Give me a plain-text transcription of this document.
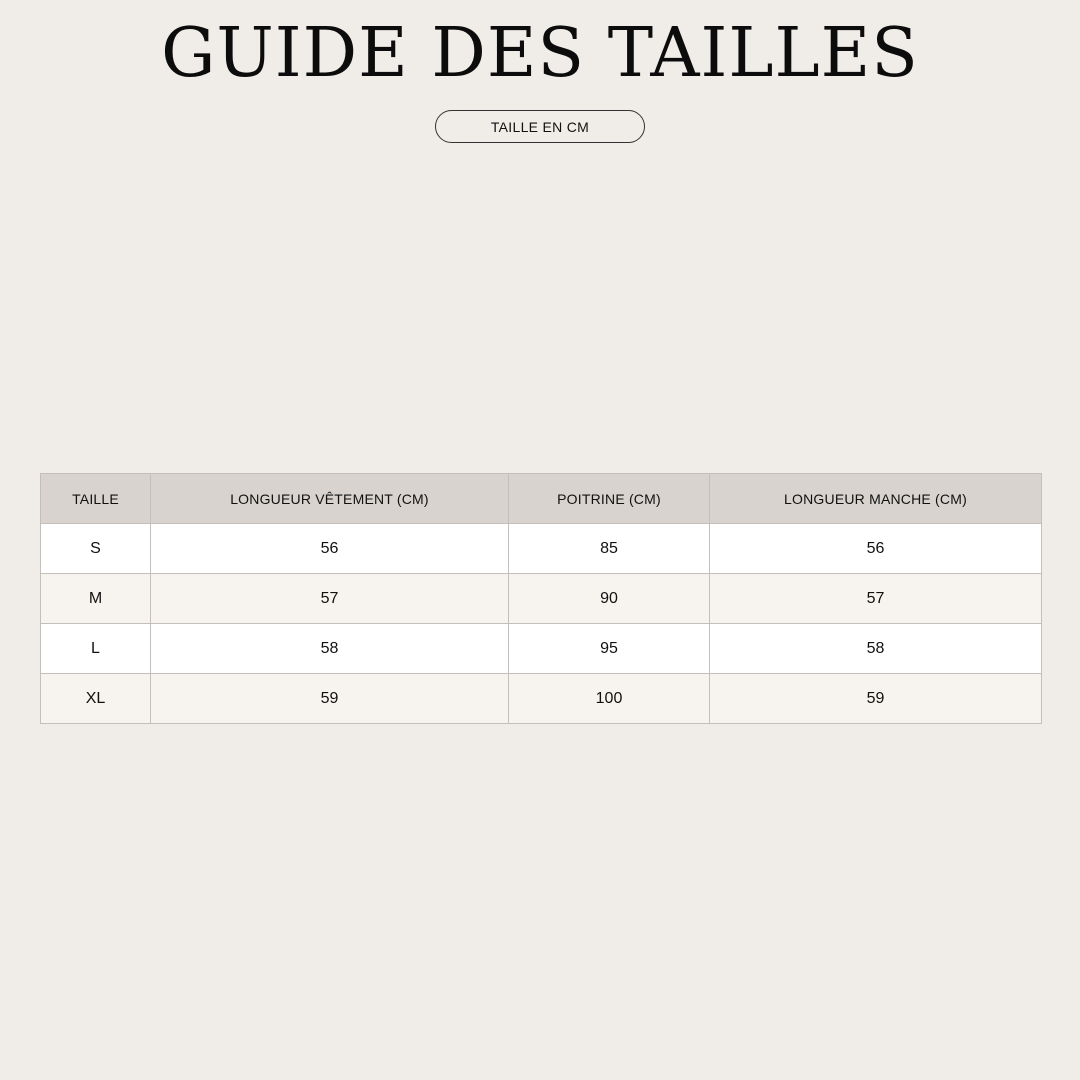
GUIDE DES TAILLES
TAILLE EN CM
TAILLE	LONGUEUR VÊTEMENT (CM)	POITRINE (CM)	LONGUEUR MANCHE (CM)
S	56	85	56
M	57	90	57
L	58	95	58
XL	59	100	59
